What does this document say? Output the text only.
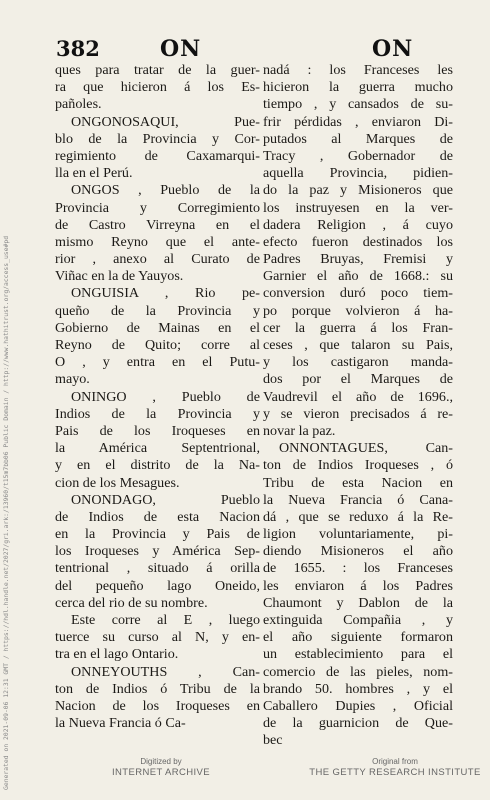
Generated on 2021-09-06 12:31 GMT / https://hdl.handle.net/2027/gri.ark:/13960/t15m7bb06 Public Domain / http://www.hathitrust.org/access_use#pd
382	ON	ON
ques para tratar de la guer-
ra que hicieron á los Es-
pañoles.
ONGONOSAQUI, Pue-
blo de la Provincia y Cor-
regimiento de Caxamarqui-
lla en el Perú.
ONGOS , Pueblo de la
Provincia y Corregimiento
de Castro Virreyna en el
mismo Reyno que el ante-
rior , anexo al Curato de
Viñac en la de Yauyos.
ONGUISIA , Rio pe-
queño de la Provincia y
Gobierno de Mainas en el
Reyno de Quito; corre al
O , y entra en el Putu-
mayo.
ONINGO , Pueblo de
Indios de la Provincia y
Pais de los Iroqueses en
la América Septentrional,
y en el distrito de la Na-
cion de los Mesagues.
ONONDAGO, Pueblo
de Indios de esta Nacion
en la Provincia y Pais de
los Iroqueses y América Sep-
tentrional , situado á orilla
del pequeño lago Oneido,
cerca del rio de su nombre.
Este corre al E , luego
tuerce su curso al N, y en-
tra en el lago Ontario.
ONNEYOUTHS , Can-
ton de Indios ó Tribu de la
Nacion de los Iroqueses en
la Nueva Francia ó Ca-
nadá : los Franceses les
hicieron la guerra mucho
tiempo , y cansados de su-
frir pérdidas , enviaron Di-
putados al Marques de
Tracy , Gobernador de
aquella Provincia, pidien-
do la paz y Misioneros que
los instruyesen en la ver-
dadera Religion , á cuyo
efecto fueron destinados los
Padres Bruyas, Fremisi y
Garnier el año de 1668.: su
conversion duró poco tiem-
po porque volvieron á ha-
cer la guerra á los Fran-
ceses , que talaron su Pais,
y los castigaron manda-
dos por el Marques de
Vaudrevil el año de 1696.,
y se vieron precisados á re-
novar la paz.
ONNONTAGUES, Can-
ton de Indios Iroqueses , ó
Tribu de esta Nacion en
la Nueva Francia ó Cana-
dá , que se reduxo á la Re-
ligion voluntariamente, pi-
diendo Misioneros el año
de 1655. : los Franceses
les enviaron á los Padres
Chaumont y Dablon de la
extinguida Compañia , y
el año siguiente formaron
un establecimiento para el
comercio de las pieles, nom-
brando 50. hombres , y el
Caballero Dupies , Oficial
de la guarnicion de Que-
bec
Digitized by
INTERNET ARCHIVE
Original from
THE GETTY RESEARCH INSTITUTE
